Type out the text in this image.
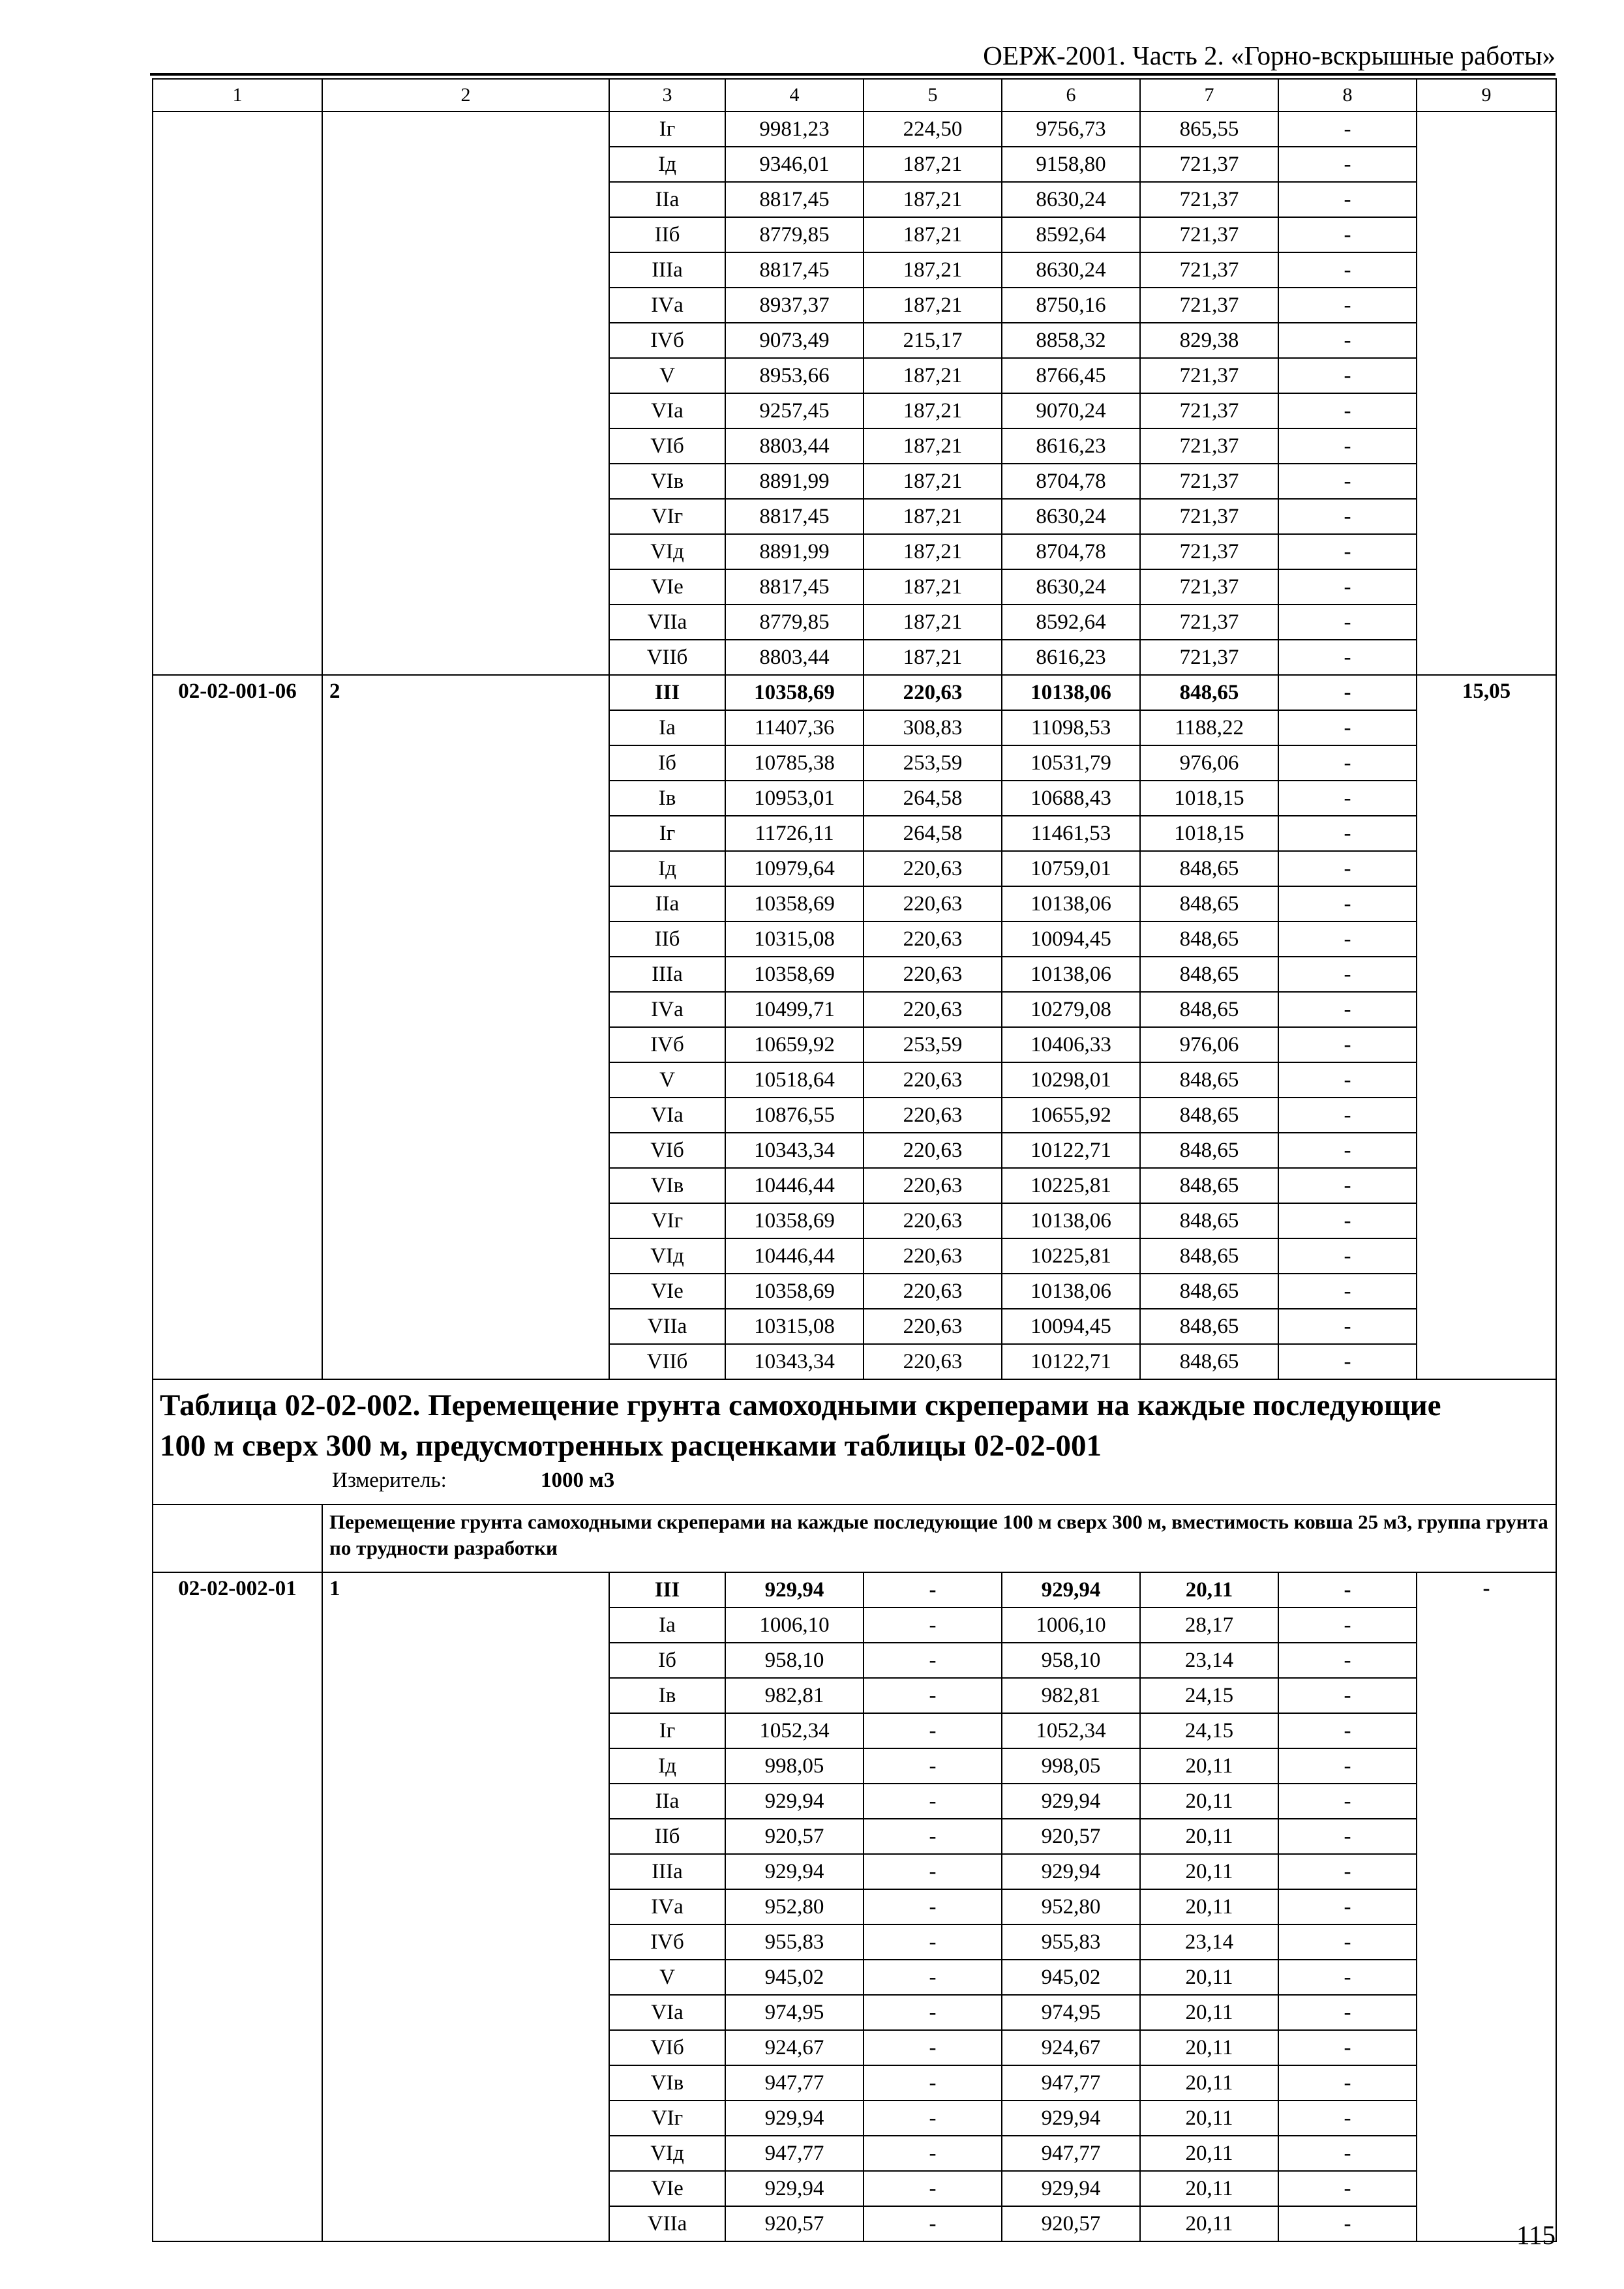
ОЕРЖ-2001. Часть 2. «Горно-вскрышные работы»
1	2	3	4	5	6	7	8	9
		Iг	9981,23	224,50	9756,73	865,55	-	
		Iд	9346,01	187,21	9158,80	721,37	-	
		IIа	8817,45	187,21	8630,24	721,37	-	
		IIб	8779,85	187,21	8592,64	721,37	-	
		IIIа	8817,45	187,21	8630,24	721,37	-	
		IVа	8937,37	187,21	8750,16	721,37	-	
		IVб	9073,49	215,17	8858,32	829,38	-	
		V	8953,66	187,21	8766,45	721,37	-	
		VIа	9257,45	187,21	9070,24	721,37	-	
		VIб	8803,44	187,21	8616,23	721,37	-	
		VIв	8891,99	187,21	8704,78	721,37	-	
		VIг	8817,45	187,21	8630,24	721,37	-	
		VIд	8891,99	187,21	8704,78	721,37	-	
		VIе	8817,45	187,21	8630,24	721,37	-	
		VIIа	8779,85	187,21	8592,64	721,37	-	
		VIIб	8803,44	187,21	8616,23	721,37	-	
02-02-001-06	2	III	10358,69	220,63	10138,06	848,65	-	15,05
		Iа	11407,36	308,83	11098,53	1188,22	-	
		Iб	10785,38	253,59	10531,79	976,06	-	
		Iв	10953,01	264,58	10688,43	1018,15	-	
		Iг	11726,11	264,58	11461,53	1018,15	-	
		Iд	10979,64	220,63	10759,01	848,65	-	
		IIа	10358,69	220,63	10138,06	848,65	-	
		IIб	10315,08	220,63	10094,45	848,65	-	
		IIIа	10358,69	220,63	10138,06	848,65	-	
		IVа	10499,71	220,63	10279,08	848,65	-	
		IVб	10659,92	253,59	10406,33	976,06	-	
		V	10518,64	220,63	10298,01	848,65	-	
		VIа	10876,55	220,63	10655,92	848,65	-	
		VIб	10343,34	220,63	10122,71	848,65	-	
		VIв	10446,44	220,63	10225,81	848,65	-	
		VIг	10358,69	220,63	10138,06	848,65	-	
		VIд	10446,44	220,63	10225,81	848,65	-	
		VIе	10358,69	220,63	10138,06	848,65	-	
		VIIа	10315,08	220,63	10094,45	848,65	-	
		VIIб	10343,34	220,63	10122,71	848,65	-	

Таблица 02-02-002. Перемещение грунта самоходными скреперами на каждые последующие
100 м сверх 300 м, предусмотренных расценками таблицы 02-02-001
Измеритель: 1000 м3								

	Перемещение грунта самоходными скреперами на каждые последующие 100 м сверх 300 м, вместимость ковша 25 м3, группа грунта по трудности разработки							
02-02-002-01	1	III	929,94	-	929,94	20,11	-	-
		Iа	1006,10	-	1006,10	28,17	-	
		Iб	958,10	-	958,10	23,14	-	
		Iв	982,81	-	982,81	24,15	-	
		Iг	1052,34	-	1052,34	24,15	-	
		Iд	998,05	-	998,05	20,11	-	
		IIа	929,94	-	929,94	20,11	-	
		IIб	920,57	-	920,57	20,11	-	
		IIIа	929,94	-	929,94	20,11	-	
		IVа	952,80	-	952,80	20,11	-	
		IVб	955,83	-	955,83	23,14	-	
		V	945,02	-	945,02	20,11	-	
		VIа	974,95	-	974,95	20,11	-	
		VIб	924,67	-	924,67	20,11	-	
		VIв	947,77	-	947,77	20,11	-	
		VIг	929,94	-	929,94	20,11	-	
		VIд	947,77	-	947,77	20,11	-	
		VIе	929,94	-	929,94	20,11	-	
		VIIа	920,57	-	920,57	20,11	-		115
